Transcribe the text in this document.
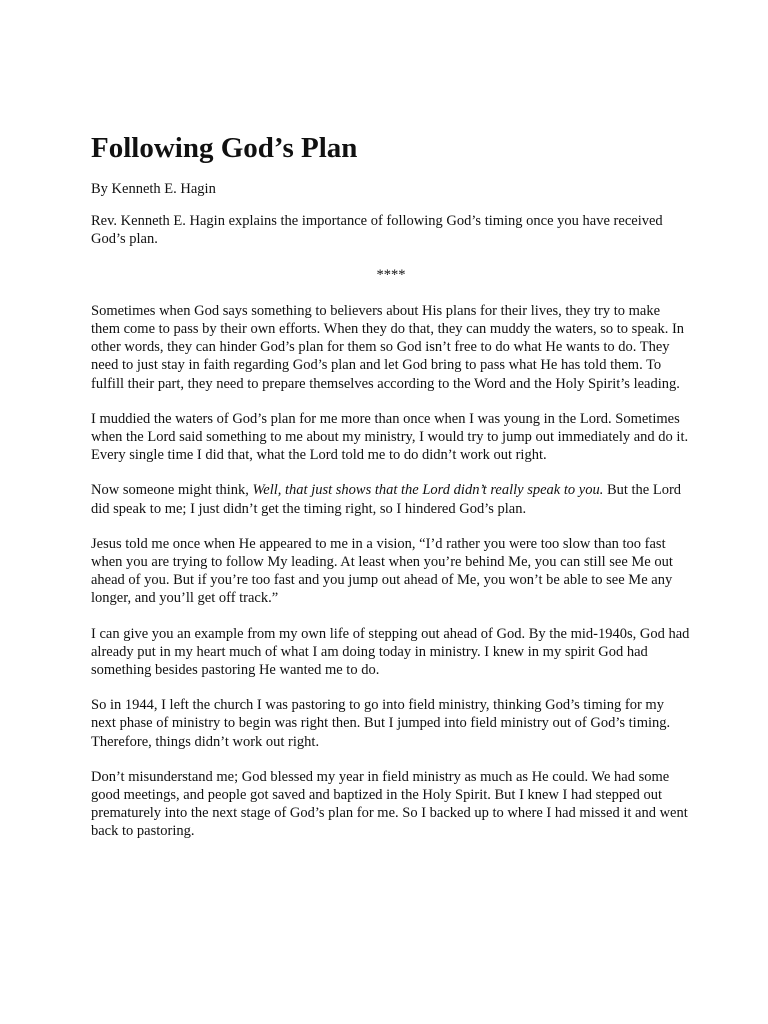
Following God’s Plan

By Kenneth E. Hagin

Rev. Kenneth E. Hagin explains the importance of following God’s timing once you have received God’s plan.

****

Sometimes when God says something to believers about His plans for their lives, they try to make them come to pass by their own efforts. When they do that, they can muddy the waters, so to speak. In other words, they can hinder God’s plan for them so God isn’t free to do what He wants to do. They need to just stay in faith regarding God’s plan and let God bring to pass what He has told them. To fulfill their part, they need to prepare themselves according to the Word and the Holy Spirit’s leading.

I muddied the waters of God’s plan for me more than once when I was young in the Lord. Sometimes when the Lord said something to me about my ministry, I would try to jump out immediately and do it. Every single time I did that, what the Lord told me to do didn’t work out right.

Now someone might think, Well, that just shows that the Lord didn’t really speak to you. But the Lord did speak to me; I just didn’t get the timing right, so I hindered God’s plan.

Jesus told me once when He appeared to me in a vision, “I’d rather you were too slow than too fast when you are trying to follow My leading. At least when you’re behind Me, you can still see Me out ahead of you. But if you’re too fast and you jump out ahead of Me, you won’t be able to see Me any longer, and you’ll get off track.”

I can give you an example from my own life of stepping out ahead of God. By the mid-1940s, God had already put in my heart much of what I am doing today in ministry. I knew in my spirit God had something besides pastoring He wanted me to do.

So in 1944, I left the church I was pastoring to go into field ministry, thinking God’s timing for my next phase of ministry to begin was right then. But I jumped into field ministry out of God’s timing. Therefore, things didn’t work out right.

Don’t misunderstand me; God blessed my year in field ministry as much as He could. We had some good meetings, and people got saved and baptized in the Holy Spirit. But I knew I had stepped out prematurely into the next stage of God’s plan for me. So I backed up to where I had missed it and went back to pastoring.
